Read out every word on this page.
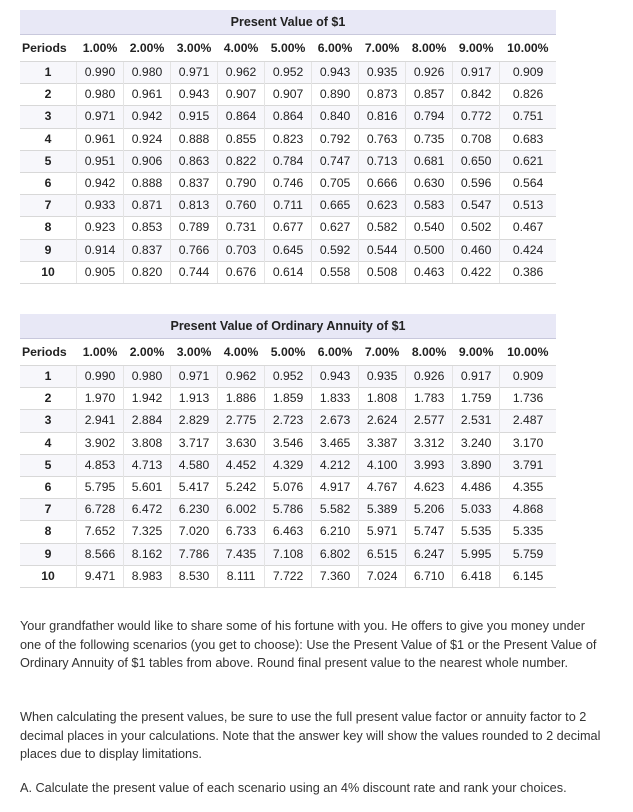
Present Value of $1										
Periods	1.00%	2.00%	3.00%	4.00%	5.00%	6.00%	7.00%	8.00%	9.00%	10.00%
1	0.990	0.980	0.971	0.962	0.952	0.943	0.935	0.926	0.917	0.909
2	0.980	0.961	0.943	0.907	0.907	0.890	0.873	0.857	0.842	0.826
3	0.971	0.942	0.915	0.864	0.864	0.840	0.816	0.794	0.772	0.751
4	0.961	0.924	0.888	0.855	0.823	0.792	0.763	0.735	0.708	0.683
5	0.951	0.906	0.863	0.822	0.784	0.747	0.713	0.681	0.650	0.621
6	0.942	0.888	0.837	0.790	0.746	0.705	0.666	0.630	0.596	0.564
7	0.933	0.871	0.813	0.760	0.711	0.665	0.623	0.583	0.547	0.513
8	0.923	0.853	0.789	0.731	0.677	0.627	0.582	0.540	0.502	0.467
9	0.914	0.837	0.766	0.703	0.645	0.592	0.544	0.500	0.460	0.424
10	0.905	0.820	0.744	0.676	0.614	0.558	0.508	0.463	0.422	0.386
Present Value of Ordinary Annuity of $1										
Periods	1.00%	2.00%	3.00%	4.00%	5.00%	6.00%	7.00%	8.00%	9.00%	10.00%
1	0.990	0.980	0.971	0.962	0.952	0.943	0.935	0.926	0.917	0.909
2	1.970	1.942	1.913	1.886	1.859	1.833	1.808	1.783	1.759	1.736
3	2.941	2.884	2.829	2.775	2.723	2.673	2.624	2.577	2.531	2.487
4	3.902	3.808	3.717	3.630	3.546	3.465	3.387	3.312	3.240	3.170
5	4.853	4.713	4.580	4.452	4.329	4.212	4.100	3.993	3.890	3.791
6	5.795	5.601	5.417	5.242	5.076	4.917	4.767	4.623	4.486	4.355
7	6.728	6.472	6.230	6.002	5.786	5.582	5.389	5.206	5.033	4.868
8	7.652	7.325	7.020	6.733	6.463	6.210	5.971	5.747	5.535	5.335
9	8.566	8.162	7.786	7.435	7.108	6.802	6.515	6.247	5.995	5.759
10	9.471	8.983	8.530	8.111	7.722	7.360	7.024	6.710	6.418	6.145

Your grandfather would like to share some of his fortune with you. He offers to give you money under one of the following scenarios (you get to choose): Use the Present Value of $1 or the Present Value of Ordinary Annuity of $1 tables from above. Round final present value to the nearest whole number.

When calculating the present values, be sure to use the full present value factor or annuity factor to 2 decimal places in your calculations. Note that the answer key will show the values rounded to 2 decimal places due to display limitations.

A. Calculate the present value of each scenario using an 4% discount rate and rank your choices.
